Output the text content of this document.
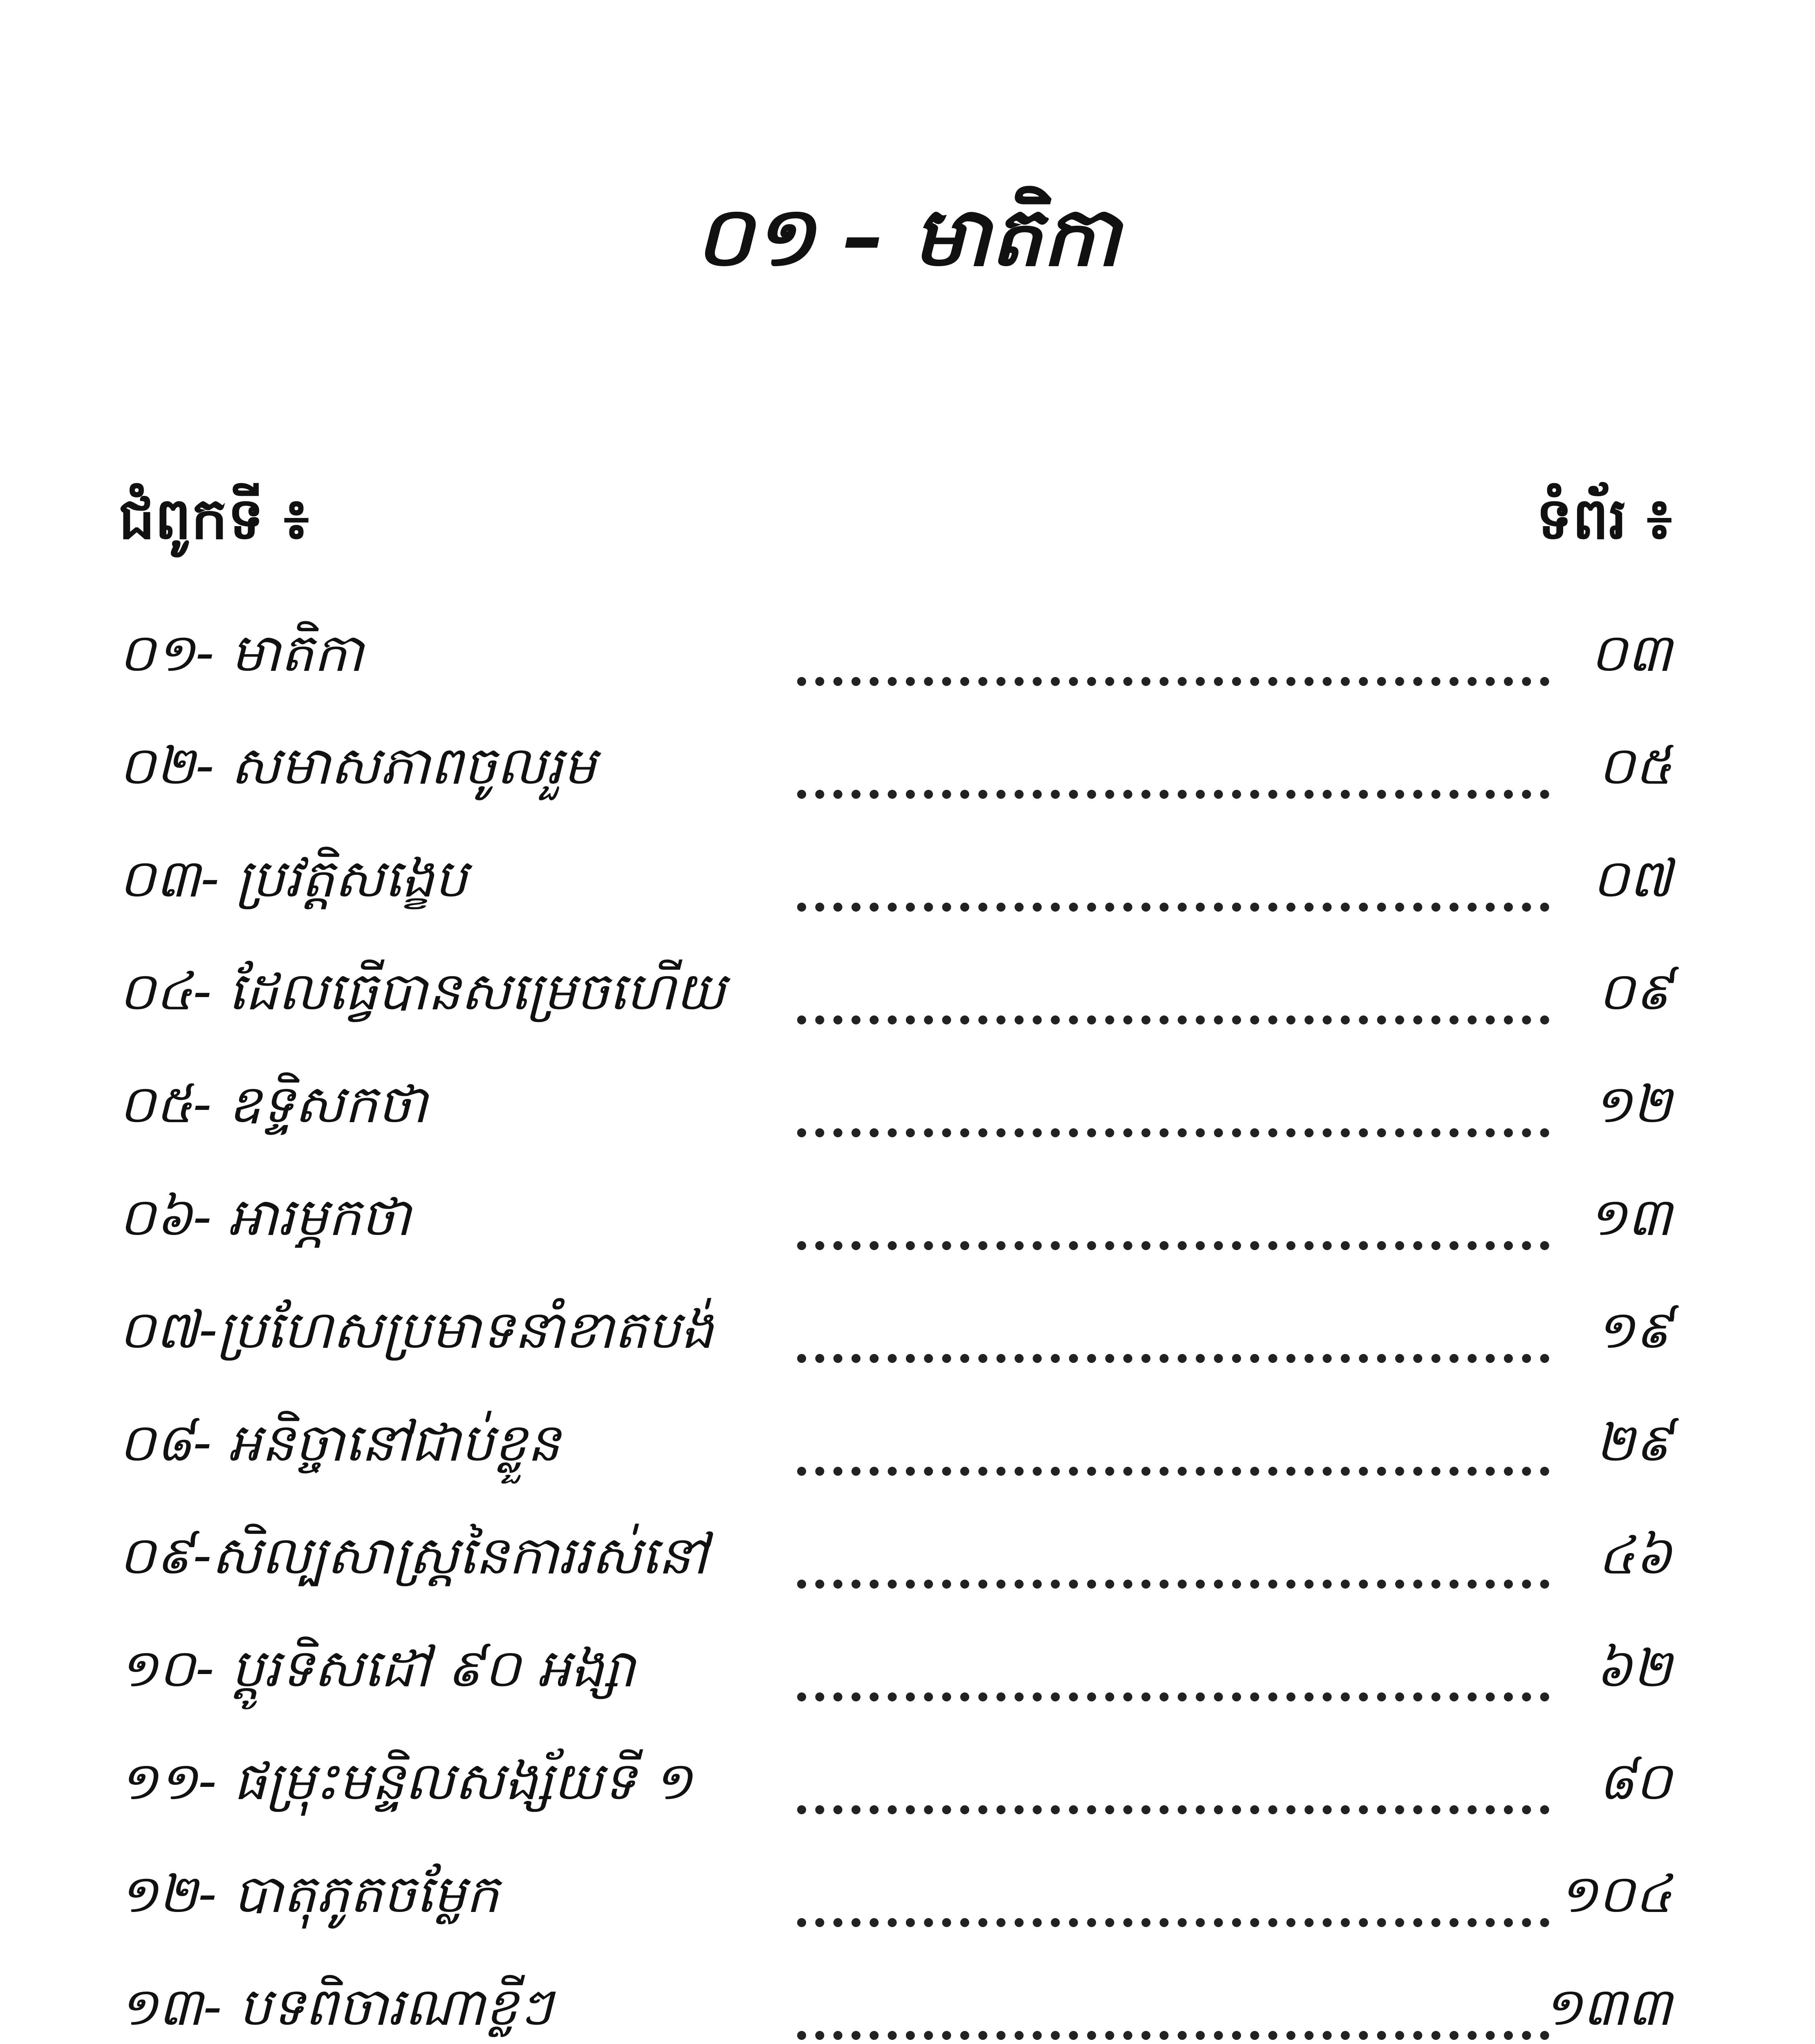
០១ – មាតិកា
ជំពូកទី ៖	ទំព័រ ៖
០១- មាតិកា	០៣
០២- សមាសភាពចូលរួម	០៥
០៣- ប្រវត្តិសង្ខេប	០៧
០៤- ដែលធ្វើបានសម្រេចហើយ	០៩
០៥- ឧទ្ទិសកថា	១២
០៦- អារម្ភកថា	១៣
០៧-ប្រហែសប្រមាទនាំខាតបង់	១៩
០៨- អនិច្ចានៅជាប់ខ្លួន	២៩
០៩-សិល្បសាស្ត្រនៃការរស់នៅ	៤៦
១០- ប្តូរទិសដៅ ៩០ អង្សា	៦២
១១- ផម្រុះមន្ទិលសង្ស័យទី ១	៨០
១២- បាតុភូតចម្លែក	១០៤
១៣- បទពិចារណាខ្លីៗ	១៣៣
